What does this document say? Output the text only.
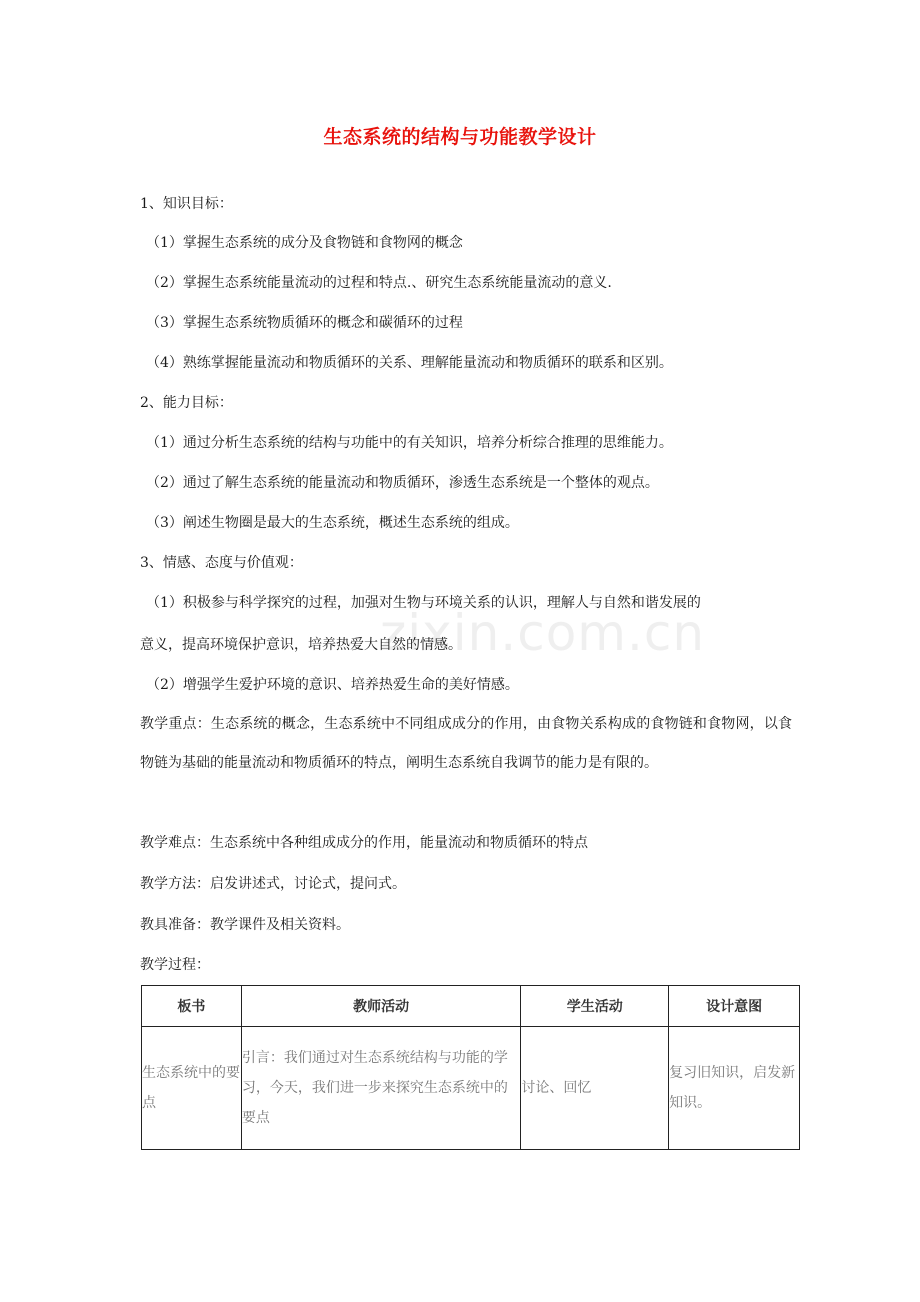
zixin.com.cn
生态系统的结构与功能教学设计
1、知识目标：
（1）掌握生态系统的成分及食物链和食物网的概念
（2）掌握生态系统能量流动的过程和特点.、研究生态系统能量流动的意义.
（3）掌握生态系统物质循环的概念和碳循环的过程
（4）熟练掌握能量流动和物质循环的关系、理解能量流动和物质循环的联系和区别。
2、能力目标：
（1）通过分析生态系统的结构与功能中的有关知识，培养分析综合推理的思维能力。
（2）通过了解生态系统的能量流动和物质循环，渗透生态系统是一个整体的观点。
（3）阐述生物圈是最大的生态系统，概述生态系统的组成。
3、情感、态度与价值观：
（1）积极参与科学探究的过程，加强对生物与环境关系的认识，理解人与自然和谐发展的
意义，提高环境保护意识，培养热爱大自然的情感。
（2）增强学生爱护环境的意识、培养热爱生命的美好情感。
教学重点：生态系统的概念，生态系统中不同组成成分的作用，由食物关系构成的食物链和食物网，以食物链为基础的能量流动和物质循环的特点，阐明生态系统自我调节的能力是有限的。
教学难点：生态系统中各种组成成分的作用，能量流动和物质循环的特点
教学方法：启发讲述式，讨论式，提问式。
教具准备：教学课件及相关资料。
教学过程：
板书	教师活动	学生活动	设计意图
生态系统中的要点	引言：我们通过对生态系统结构与功能的学习，今天，我们进一步来探究生态系统中的要点	讨论、回忆	复习旧知识，启发新知识。
